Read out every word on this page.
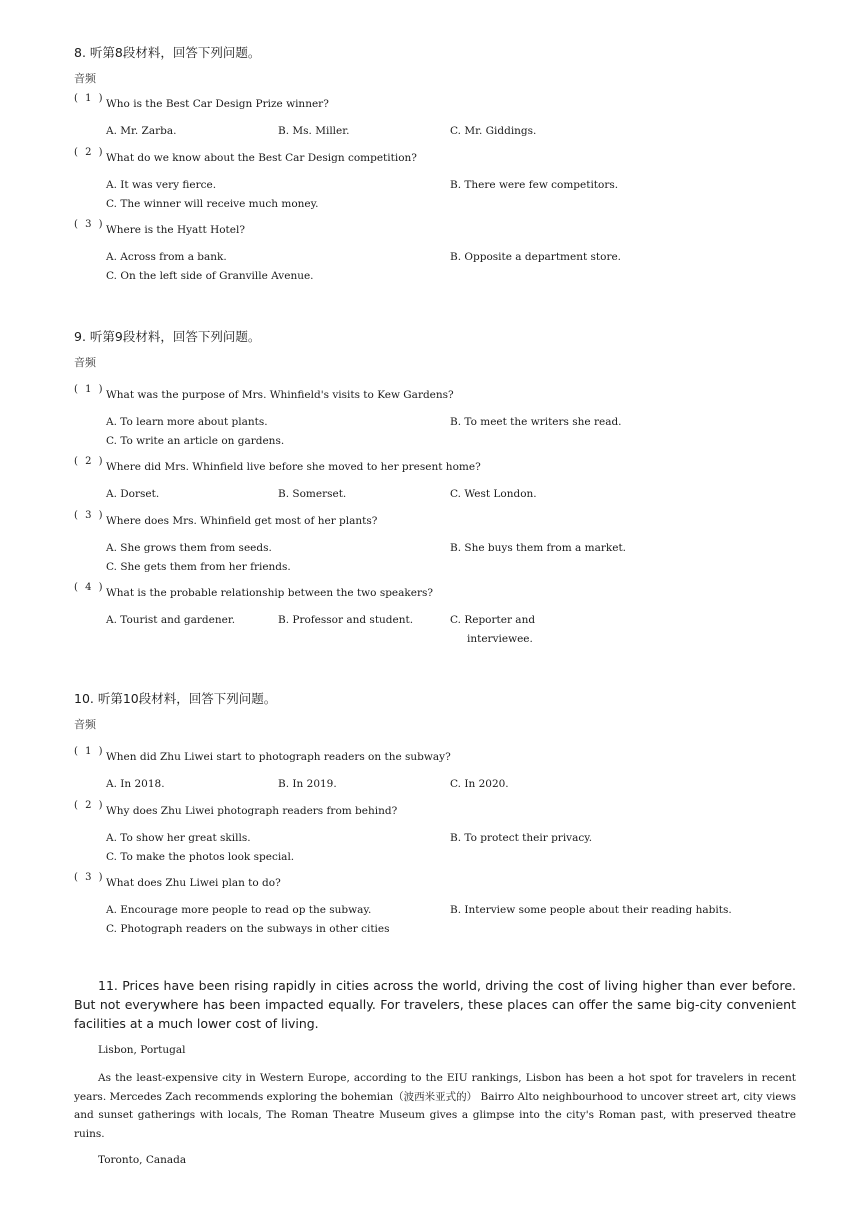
8. 听第8段材料，回答下列问题。
音频
( 1 ) Who is the Best Car Design Prize winner?
A. Mr. Zarba.	B. Ms. Miller.	C. Mr. Giddings.
( 2 ) What do we know about the Best Car Design competition?
A. It was very fierce.	B. There were few competitors.
C. The winner will receive much money.
( 3 ) Where is the Hyatt Hotel?
A. Across from a bank.	B. Opposite a department store.
C. On the left side of Granville Avenue.
9. 听第9段材料，回答下列问题。
音频
( 1 ) What was the purpose of Mrs. Whinfield's visits to Kew Gardens?
A. To learn more about plants.	B. To meet the writers she read.
C. To write an article on gardens.
( 2 ) Where did Mrs. Whinfield live before she moved to her present home?
A. Dorset.	B. Somerset.	C. West London.
( 3 ) Where does Mrs. Whinfield get most of her plants?
A. She grows them from seeds.	B. She buys them from a market.
C. She gets them from her friends.
( 4 ) What is the probable relationship between the two speakers?
A. Tourist and gardener.	B. Professor and student.	C. Reporter and
interviewee.
10. 听第10段材料，回答下列问题。
音频
( 1 ) When did Zhu Liwei start to photograph readers on the subway?
A. In 2018.	B. In 2019.	C. In 2020.
( 2 ) Why does Zhu Liwei photograph readers from behind?
A. To show her great skills.	B. To protect their privacy.
C. To make the photos look special.
( 3 ) What does Zhu Liwei plan to do?
A. Encourage more people to read op the subway.	B. Interview some people about their reading habits.
C. Photograph readers on the subways in other cities
11. Prices have been rising rapidly in cities across the world, driving the cost of living higher than ever before. But not everywhere has been impacted equally. For travelers, these places can offer the same big-city convenient facilities at a much lower cost of living.
Lisbon, Portugal
As the least-expensive city in Western Europe, according to the EIU rankings, Lisbon has been a hot spot for travelers in recent years. Mercedes Zach recommends exploring the bohemian（波西米亚式的） Bairro Alto neighbourhood to uncover street art, city views and sunset gatherings with locals, The Roman Theatre Museum gives a glimpse into the city's Roman past, with preserved theatre ruins.
Toronto, Canada
